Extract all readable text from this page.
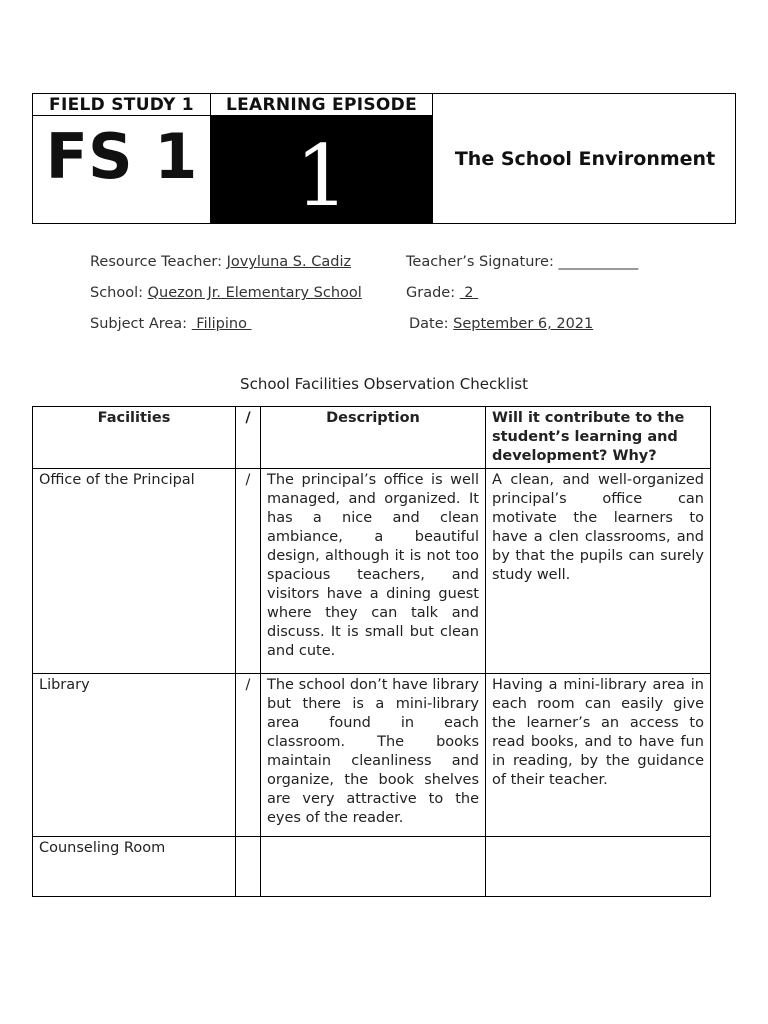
FIELD STUDY 1	LEARNING EPISODE
FS 1	1	The School Environment
Resource Teacher: Jovyluna S. Cadiz	Teacher’s Signature: ___________
School: Quezon Jr. Elementary School	Grade:  2
Subject Area:  Filipino	Date: September 6, 2021
School Facilities Observation Checklist
Facilities	/	Description	Will it contribute to the student’s learning and development? Why?
Office of the Principal	/	The principal’s office is well managed, and organized. It has a nice and clean ambiance, a beautiful design, although it is not too spacious teachers, and visitors have a dining guest where they can talk and discuss. It is small but clean and cute.	A clean, and well-organized principal’s office can motivate the learners to have a clen classrooms, and by that the pupils can surely study well.
Library	/	The school don’t have library but there is a mini-library area found in each classroom. The books maintain cleanliness and organize, the book shelves are very attractive to the eyes of the reader.	Having a mini-library area in each room can easily give the learner’s an access to read books, and to have fun in reading, by the guidance of their teacher.
Counseling Room			
